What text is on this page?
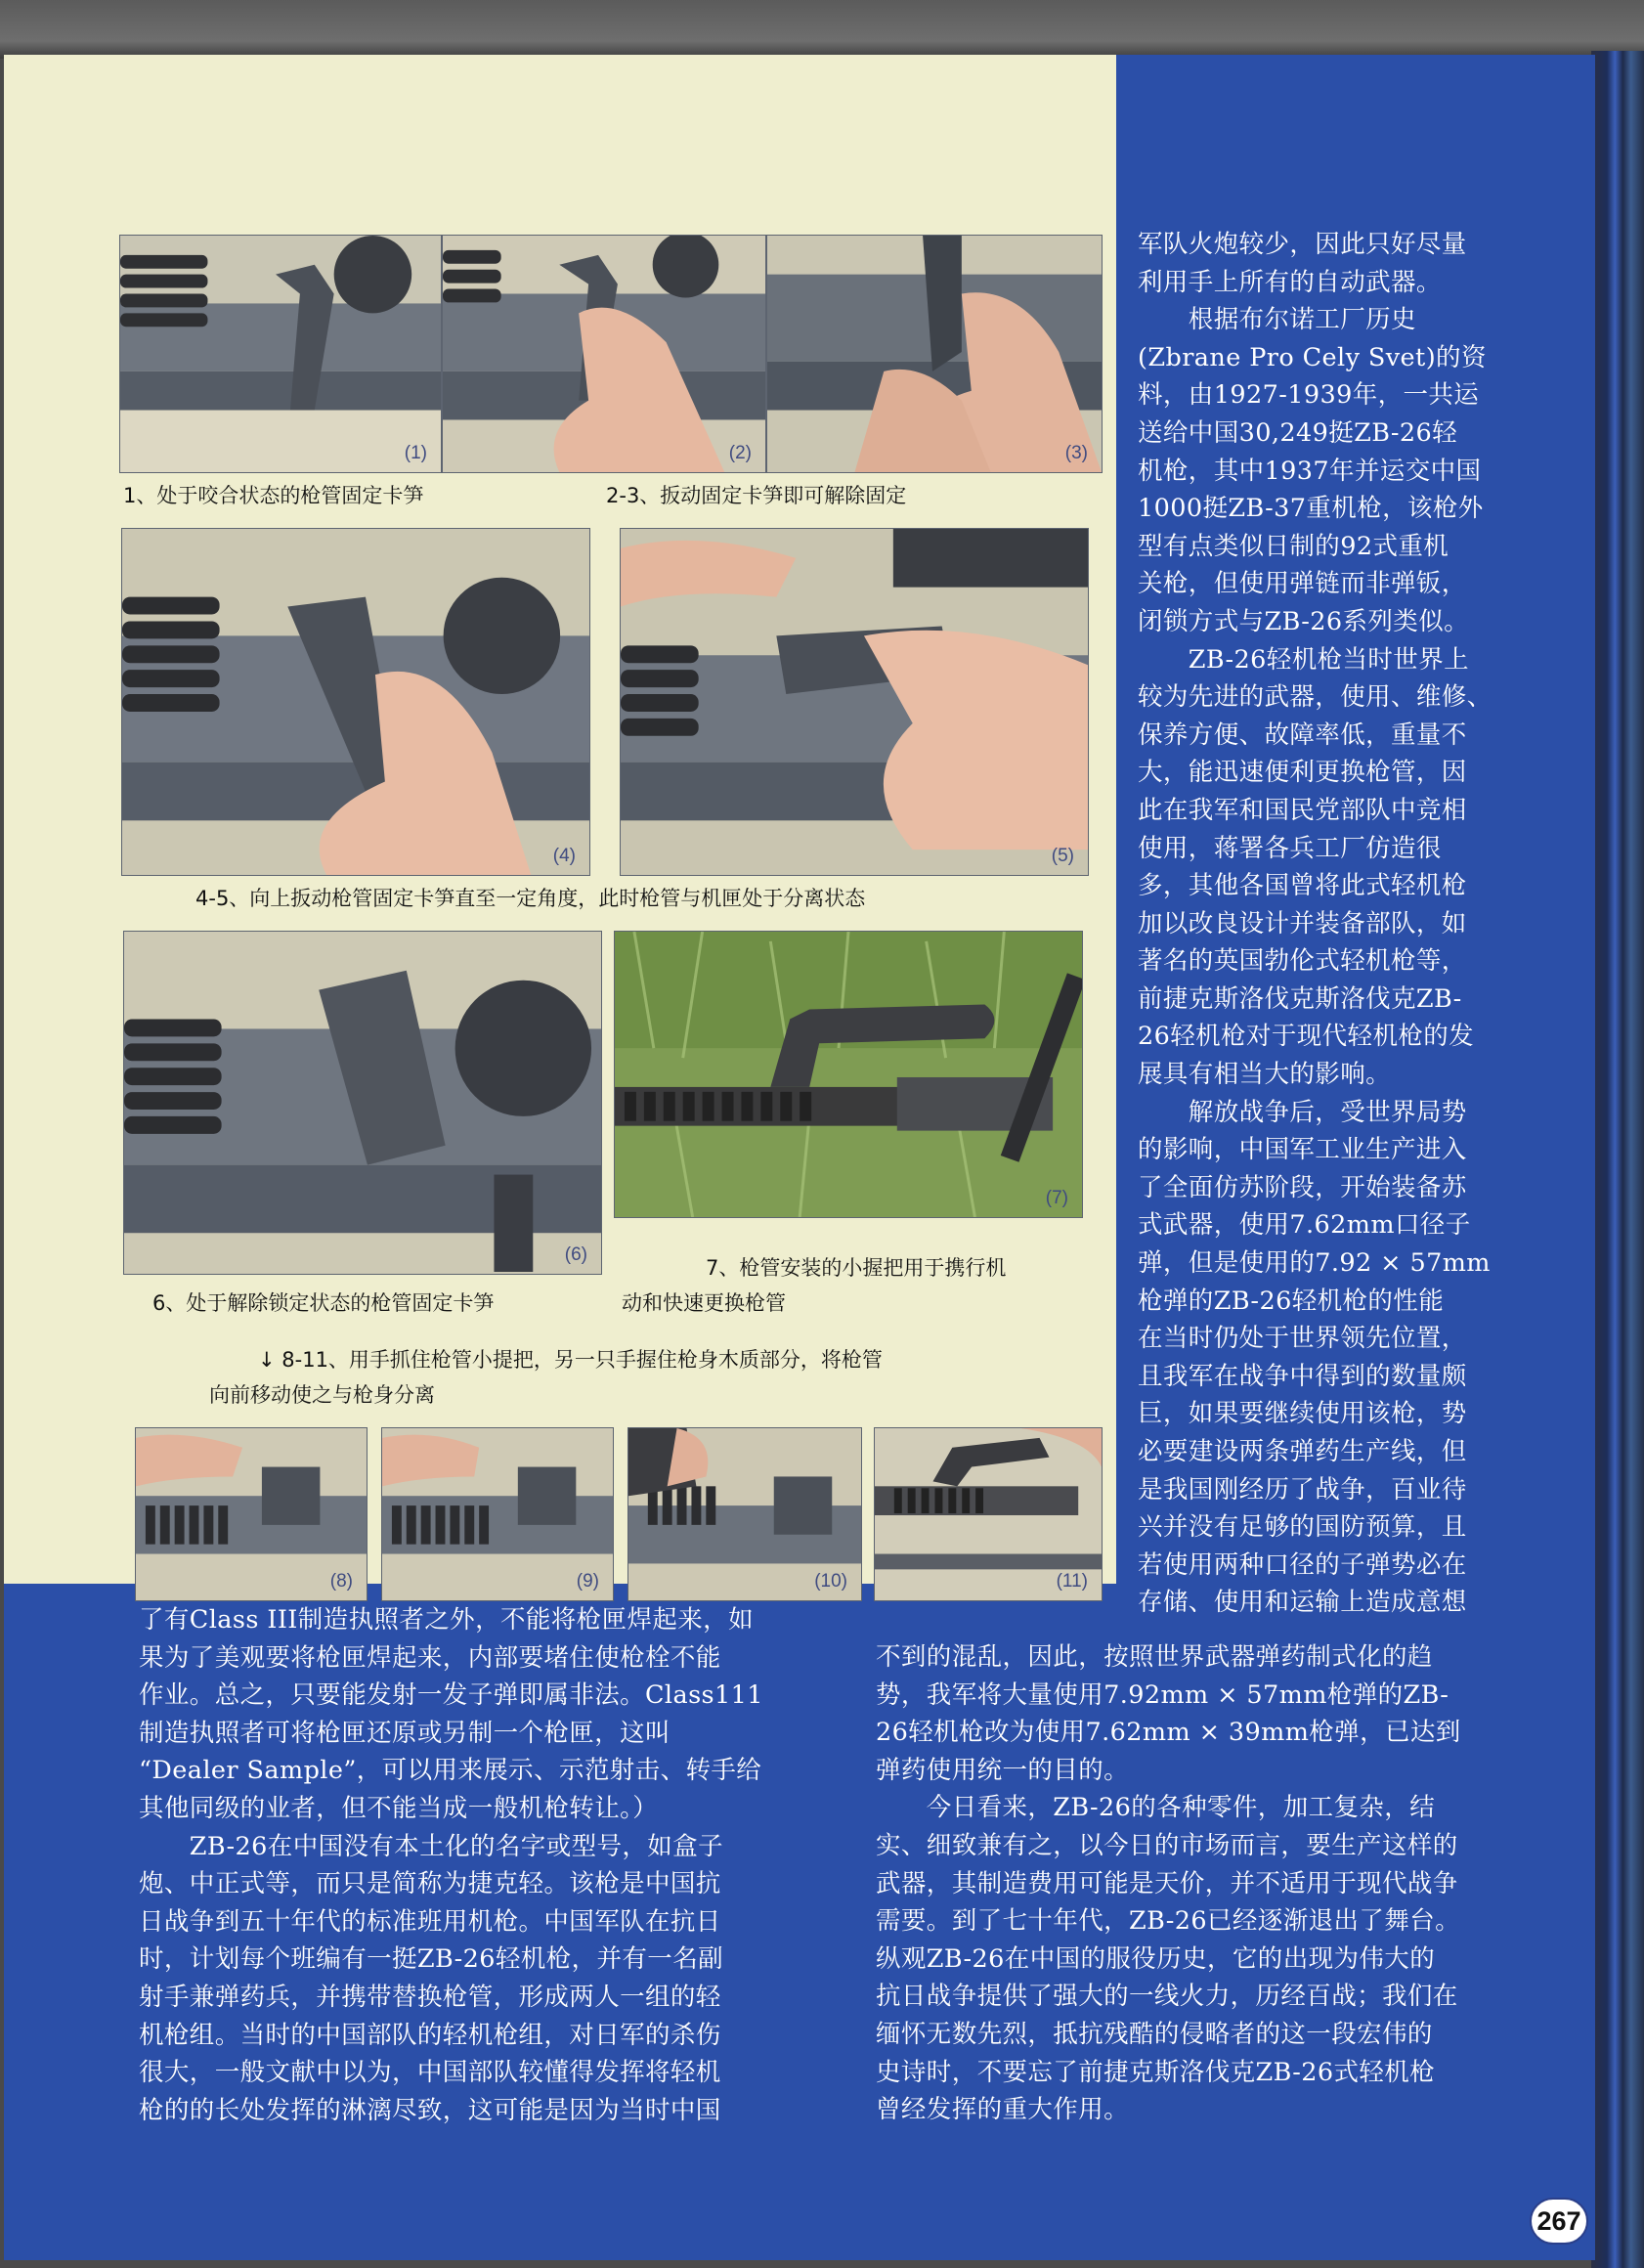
(1)	(2)	(3)
1、处于咬合状态的枪管固定卡笋	2-3、扳动固定卡笋即可解除固定
(4)	(5)
4-5、向上扳动枪管固定卡笋直至一定角度，此时枪管与机匣处于分离状态
(6)
(7)
6、处于解除锁定状态的枪管固定卡笋
7、枪管安装的小握把用于携行机
动和快速更换枪管
↓ 8-11、用手抓住枪管小提把，另一只手握住枪身木质部分，将枪管
向前移动使之与枪身分离
(8)	(9)	(10)	(11)

军队火炮较少，因此只好尽量

利用手上所有的自动武器。

　　根据布尔诺工厂历史

(Zbrane Pro Cely Svet)的资

料，由1927-1939年，一共运

送给中国30,249挺ZB-26轻

机枪，其中1937年并运交中国

1000挺ZB-37重机枪，该枪外

型有点类似日制的92式重机

关枪，但使用弹链而非弹钣，

闭锁方式与ZB-26系列类似。

　　ZB-26轻机枪当时世界上

较为先进的武器，使用、维修、

保养方便、故障率低，重量不

大，能迅速便利更换枪管，因

此在我军和国民党部队中竞相

使用，蒋署各兵工厂仿造很

多，其他各国曾将此式轻机枪

加以改良设计并装备部队，如

著名的英国勃伦式轻机枪等，

前捷克斯洛伐克斯洛伐克ZB-

26轻机枪对于现代轻机枪的发

展具有相当大的影响。

　　解放战争后，受世界局势

的影响，中国军工业生产进入

了全面仿苏阶段，开始装备苏

式武器，使用7.62mm口径子

弹，但是使用的7.92 × 57mm

枪弹的ZB-26轻机枪的性能

在当时仍处于世界领先位置，

且我军在战争中得到的数量颇

巨，如果要继续使用该枪，势

必要建设两条弹药生产线，但

是我国刚经历了战争，百业待

兴并没有足够的国防预算，且

若使用两种口径的子弹势必在

存储、使用和运输上造成意想

了有Class III制造执照者之外，不能将枪匣焊起来，如

果为了美观要将枪匣焊起来，内部要堵住使枪栓不能

作业。总之，只要能发射一发子弹即属非法。Class111

制造执照者可将枪匣还原或另制一个枪匣，这叫

“Dealer Sample”，可以用来展示、示范射击、转手给

其他同级的业者，但不能当成一般机枪转让。）

　　ZB-26在中国没有本土化的名字或型号，如盒子

炮、中正式等，而只是简称为捷克轻。该枪是中国抗

日战争到五十年代的标准班用机枪。中国军队在抗日

时，计划每个班编有一挺ZB-26轻机枪，并有一名副

射手兼弹药兵，并携带替换枪管，形成两人一组的轻

机枪组。当时的中国部队的轻机枪组，对日军的杀伤

很大，一般文献中以为，中国部队较懂得发挥将轻机

枪的的长处发挥的淋漓尽致，这可能是因为当时中国

不到的混乱，因此，按照世界武器弹药制式化的趋

势，我军将大量使用7.92mm × 57mm枪弹的ZB-

26轻机枪改为使用7.62mm × 39mm枪弹，已达到

弹药使用统一的目的。

　　今日看来，ZB-26的各种零件，加工复杂，结

实、细致兼有之，以今日的市场而言，要生产这样的

武器，其制造费用可能是天价，并不适用于现代战争

需要。到了七十年代，ZB-26已经逐渐退出了舞台。

纵观ZB-26在中国的服役历史，它的出现为伟大的

抗日战争提供了强大的一线火力，历经百战；我们在

缅怀无数先烈，抵抗残酷的侵略者的这一段宏伟的

史诗时，不要忘了前捷克斯洛伐克ZB-26式轻机枪

曾经发挥的重大作用。

267
